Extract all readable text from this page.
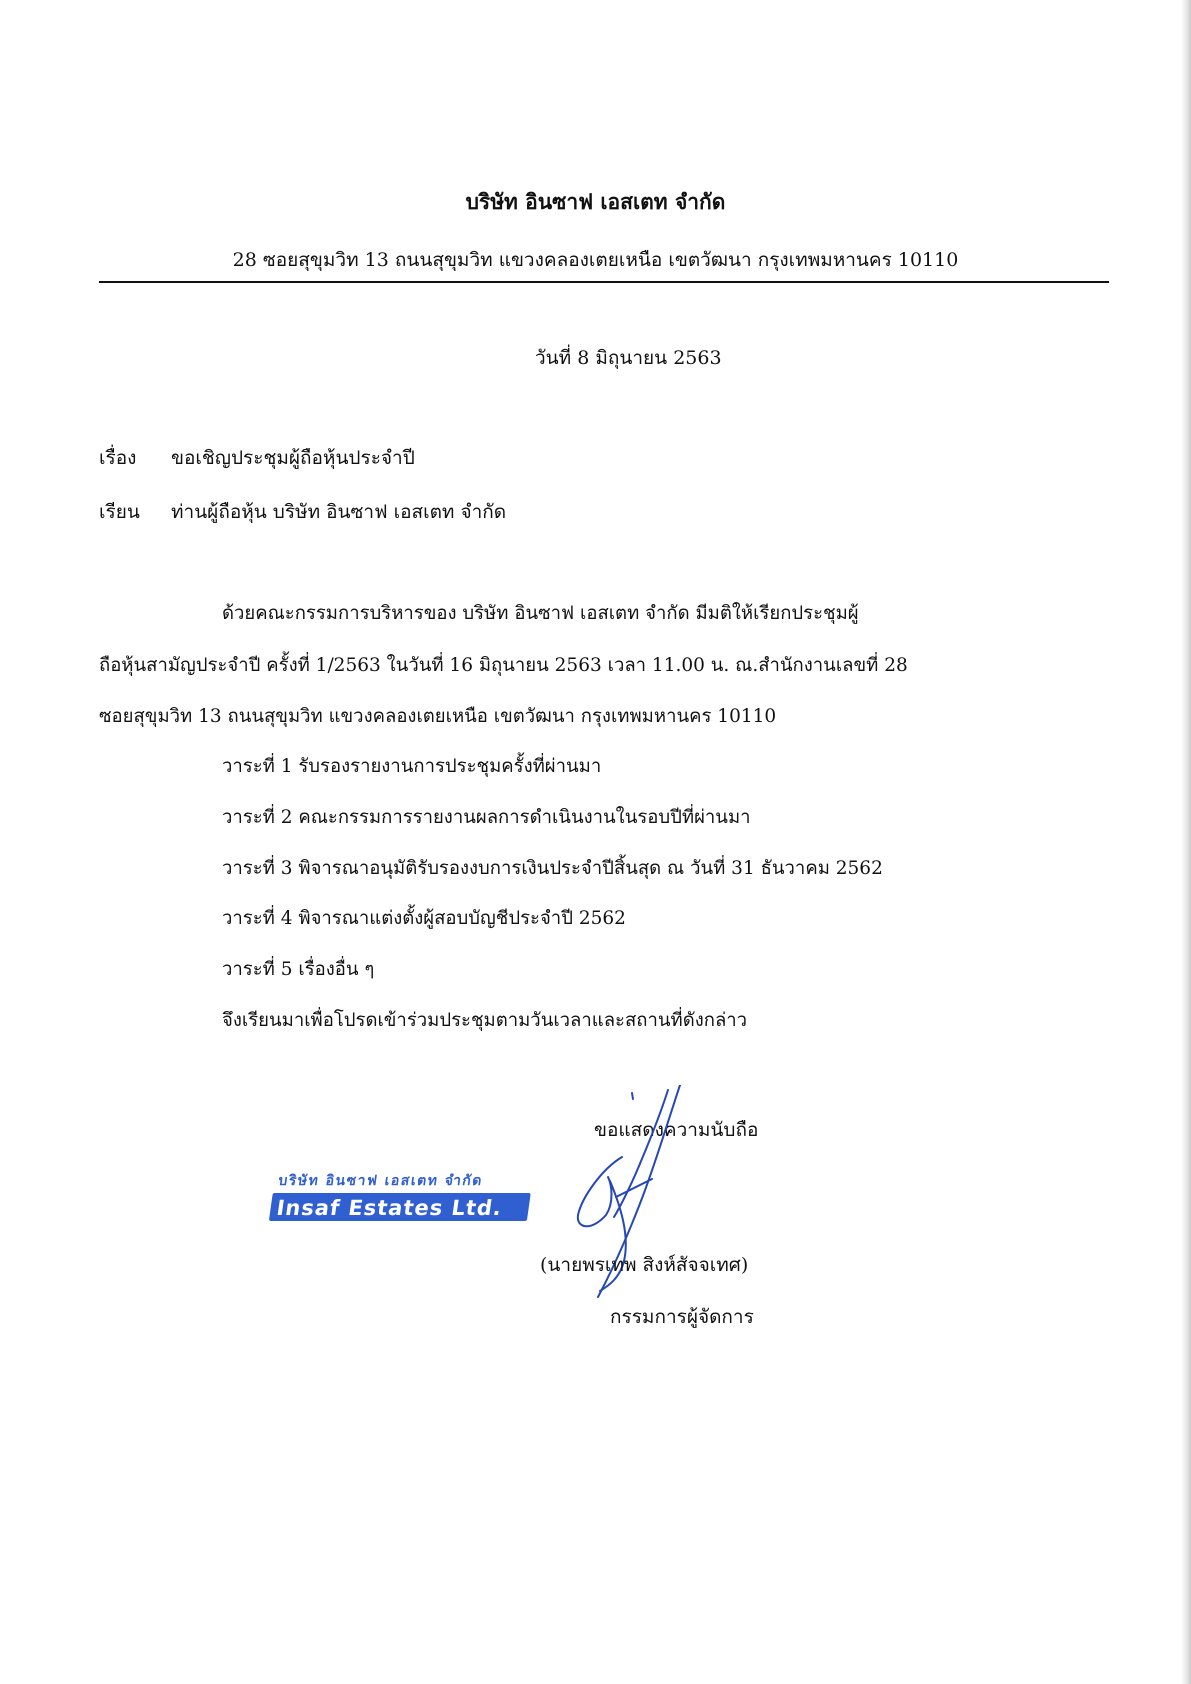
บริษัท อินซาฟ เอสเตท จำกัด
28 ซอยสุขุมวิท 13 ถนนสุขุมวิท แขวงคลองเตยเหนือ เขตวัฒนา กรุงเทพมหานคร 10110
วันที่ 8 มิถุนายน 2563
เรื่อง ขอเชิญประชุมผู้ถือหุ้นประจำปี
เรียน ท่านผู้ถือหุ้น บริษัท อินซาฟ เอสเตท จำกัด
ด้วยคณะกรรมการบริหารของ บริษัท อินซาฟ เอสเตท จำกัด มีมติให้เรียกประชุมผู้
ถือหุ้นสามัญประจำปี ครั้งที่ 1/2563 ในวันที่ 16 มิถุนายน 2563 เวลา 11.00 น. ณ.สำนักงานเลขที่ 28
ซอยสุขุมวิท 13 ถนนสุขุมวิท แขวงคลองเตยเหนือ เขตวัฒนา กรุงเทพมหานคร 10110
วาระที่ 1 รับรองรายงานการประชุมครั้งที่ผ่านมา
วาระที่ 2 คณะกรรมการรายงานผลการดำเนินงานในรอบปีที่ผ่านมา
วาระที่ 3 พิจารณาอนุมัติรับรองงบการเงินประจำปีสิ้นสุด ณ วันที่ 31 ธันวาคม 2562
วาระที่ 4 พิจารณาแต่งตั้งผู้สอบบัญชีประจำปี 2562
วาระที่ 5 เรื่องอื่น ๆ
จึงเรียนมาเพื่อโปรดเข้าร่วมประชุมตามวันเวลาและสถานที่ดังกล่าว
ขอแสดงความนับถือ
บริษัท อินซาฟ เอสเตท จำกัด
Insaf Estates Ltd.
(นายพรเทพ สิงห์สัจจเทศ)
กรรมการผู้จัดการ
